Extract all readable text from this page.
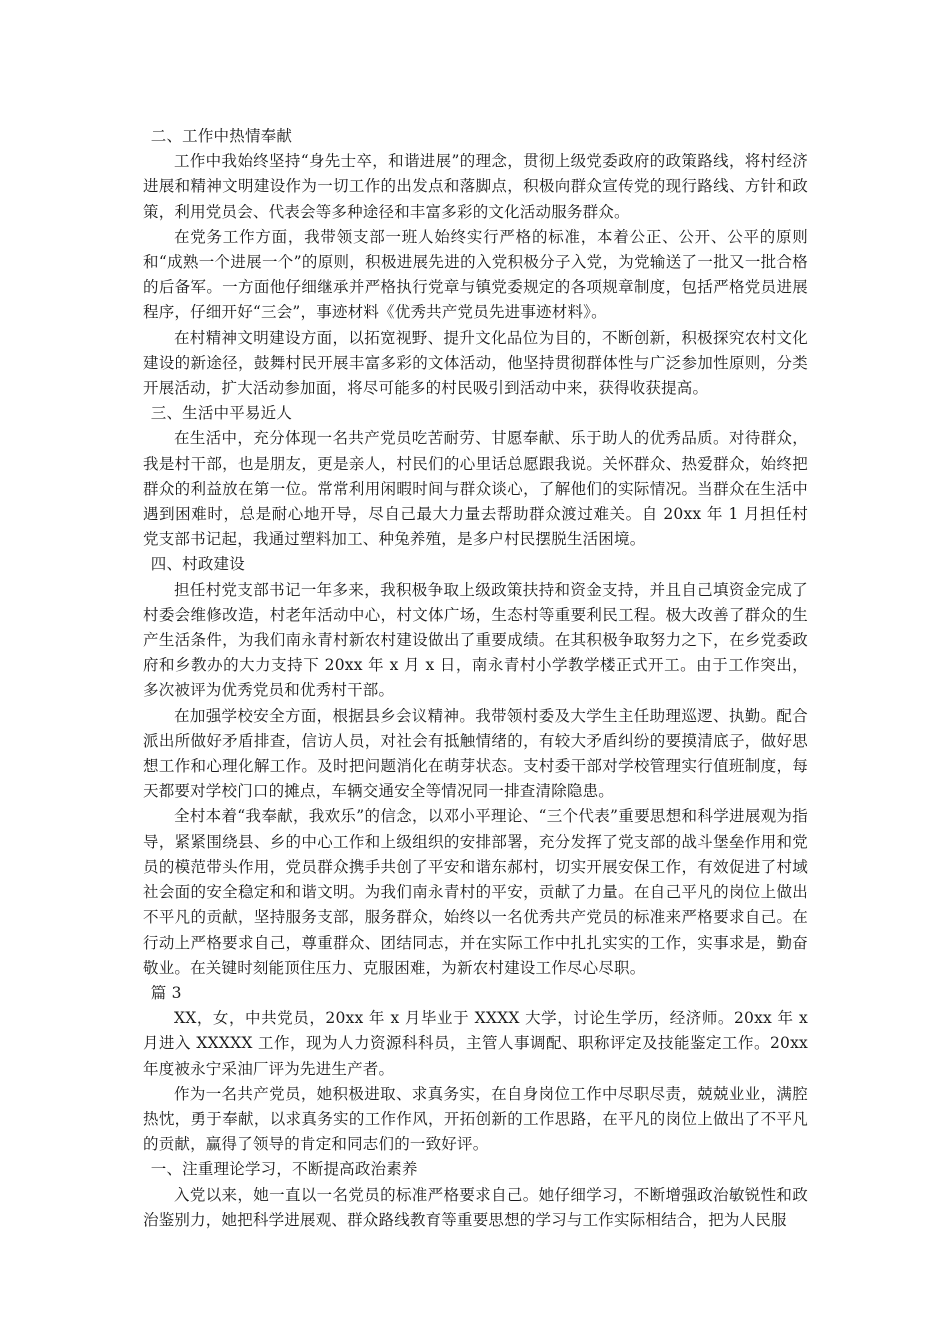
二、工作中热情奉献

工作中我始终坚持“身先士卒，和谐进展”的理念，贯彻上级党委政府的政策路线，将村经济进展和精神文明建设作为一切工作的出发点和落脚点，积极向群众宣传党的现行路线、方针和政策，利用党员会、代表会等多种途径和丰富多彩的文化活动服务群众。

在党务工作方面，我带领支部一班人始终实行严格的标准，本着公正、公开、公平的原则和“成熟一个进展一个”的原则，积极进展先进的入党积极分子入党，为党输送了一批又一批合格的后备军。一方面他仔细继承并严格执行党章与镇党委规定的各项规章制度，包括严格党员进展程序，仔细开好“三会”，事迹材料《优秀共产党员先进事迹材料》。

在村精神文明建设方面，以拓宽视野、提升文化品位为目的，不断创新，积极探究农村文化建设的新途径，鼓舞村民开展丰富多彩的文体活动，他坚持贯彻群体性与广泛参加性原则，分类开展活动，扩大活动参加面，将尽可能多的村民吸引到活动中来，获得收获提高。

三、生活中平易近人

在生活中，充分体现一名共产党员吃苦耐劳、甘愿奉献、乐于助人的优秀品质。对待群众，我是村干部，也是朋友，更是亲人，村民们的心里话总愿跟我说。关怀群众、热爱群众，始终把群众的利益放在第一位。常常利用闲暇时间与群众谈心，了解他们的实际情况。当群众在生活中遇到困难时，总是耐心地开导，尽自己最大力量去帮助群众渡过难关。自 20xx 年 1 月担任村党支部书记起，我通过塑料加工、种兔养殖，是多户村民摆脱生活困境。

四、村政建设

担任村党支部书记一年多来，我积极争取上级政策扶持和资金支持，并且自己填资金完成了村委会维修改造，村老年活动中心，村文体广场，生态村等重要利民工程。极大改善了群众的生产生活条件，为我们南永青村新农村建设做出了重要成绩。在其积极争取努力之下，在乡党委政府和乡教办的大力支持下 20xx 年 x 月 x 日，南永青村小学教学楼正式开工。由于工作突出，多次被评为优秀党员和优秀村干部。

在加强学校安全方面，根据县乡会议精神。我带领村委及大学生主任助理巡逻、执勤。配合派出所做好矛盾排查，信访人员，对社会有抵触情绪的，有较大矛盾纠纷的要摸清底子，做好思想工作和心理化解工作。及时把问题消化在萌芽状态。支村委干部对学校管理实行值班制度，每天都要对学校门口的摊点，车辆交通安全等情况同一排查清除隐患。

全村本着“我奉献，我欢乐”的信念，以邓小平理论、“三个代表”重要思想和科学进展观为指导，紧紧围绕县、乡的中心工作和上级组织的安排部署，充分发挥了党支部的战斗堡垒作用和党员的模范带头作用，党员群众携手共创了平安和谐东郝村，切实开展安保工作，有效促进了村域社会面的安全稳定和和谐文明。为我们南永青村的平安，贡献了力量。在自己平凡的岗位上做出不平凡的贡献，坚持服务支部，服务群众，始终以一名优秀共产党员的标准来严格要求自己。在行动上严格要求自己，尊重群众、团结同志，并在实际工作中扎扎实实的工作，实事求是，勤奋敬业。在关键时刻能顶住压力、克服困难，为新农村建设工作尽心尽职。

篇 3

XX，女，中共党员，20xx 年 x 月毕业于 XXXX 大学，讨论生学历，经济师。20xx 年 x 月进入 XXXXX 工作，现为人力资源科科员，主管人事调配、职称评定及技能鉴定工作。20xx 年度被永宁采油厂评为先进生产者。

作为一名共产党员，她积极进取、求真务实，在自身岗位工作中尽职尽责，兢兢业业，满腔热忱，勇于奉献，以求真务实的工作作风，开拓创新的工作思路，在平凡的岗位上做出了不平凡的贡献，赢得了领导的肯定和同志们的一致好评。

一、注重理论学习，不断提高政治素养

入党以来，她一直以一名党员的标准严格要求自己。她仔细学习，不断增强政治敏锐性和政治鉴别力，她把科学进展观、群众路线教育等重要思想的学习与工作实际相结合，把为人民服
